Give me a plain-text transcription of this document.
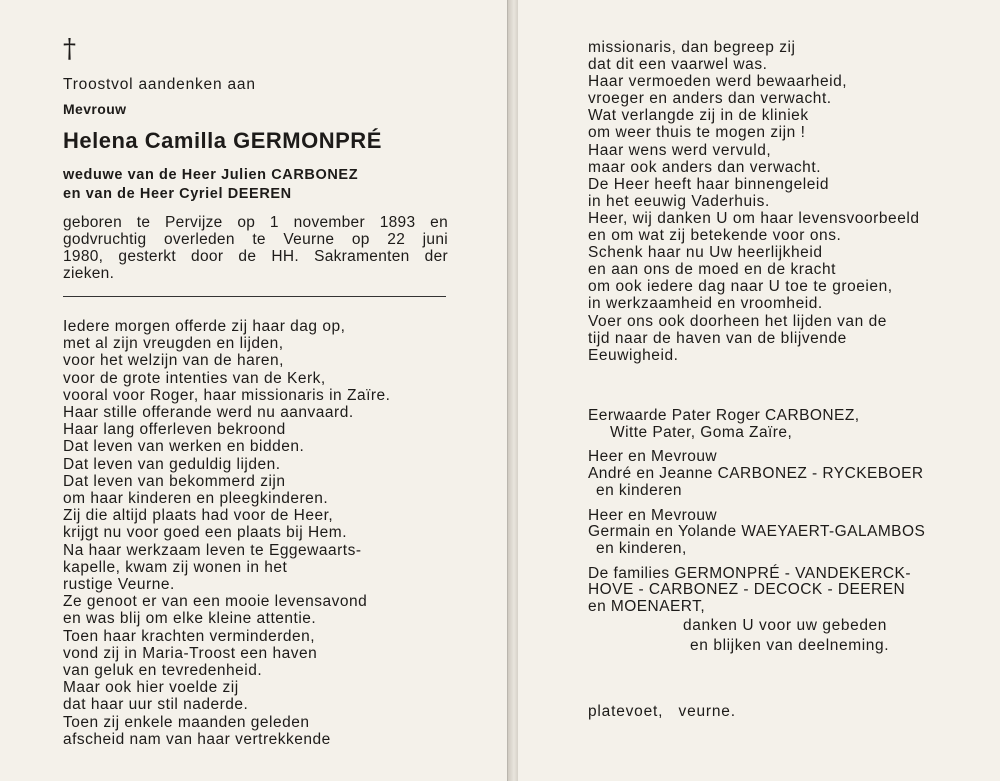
†
Troostvol aandenken aan
Mevrouw
Helena Camilla GERMONPRÉ
weduwe van de Heer Julien CARBONEZ
en van de Heer Cyriel DEEREN
geboren te Pervijze op 1 november 1893 en
godvruchtig overleden te Veurne op 22 juni
1980, gesterkt door de HH. Sakramenten der
zieken.
Iedere morgen offerde zij haar dag op,
met al zijn vreugden en lijden,
voor het welzijn van de haren,
voor de grote intenties van de Kerk,
vooral voor Roger, haar missionaris in Zaïre.
Haar stille offerande werd nu aanvaard.
Haar lang offerleven bekroond
Dat leven van werken en bidden.
Dat leven van geduldig lijden.
Dat leven van bekommerd zijn
om haar kinderen en pleegkinderen.
Zij die altijd plaats had voor de Heer,
krijgt nu voor goed een plaats bij Hem.
Na haar werkzaam leven te Eggewaarts-
kapelle, kwam zij wonen in het
rustige Veurne.
Ze genoot er van een mooie levensavond
en was blij om elke kleine attentie.
Toen haar krachten verminderden,
vond zij in Maria-Troost een haven
van geluk en tevredenheid.
Maar ook hier voelde zij
dat haar uur stil naderde.
Toen zij enkele maanden geleden
afscheid nam van haar vertrekkende
missionaris, dan begreep zij
dat dit een vaarwel was.
Haar vermoeden werd bewaarheid,
vroeger en anders dan verwacht.
Wat verlangde zij in de kliniek
om weer thuis te mogen zijn !
Haar wens werd vervuld,
maar ook anders dan verwacht.
De Heer heeft haar binnengeleid
in het eeuwig Vaderhuis.
Heer, wij danken U om haar levensvoorbeeld
en om wat zij betekende voor ons.
Schenk haar nu Uw heerlijkheid
en aan ons de moed en de kracht
om ook iedere dag naar U toe te groeien,
in werkzaamheid en vroomheid.
Voer ons ook doorheen het lijden van de
tijd naar de haven van de blijvende
Eeuwigheid.
Eerwaarde Pater Roger CARBONEZ,
Witte Pater, Goma Zaïre,
Heer en Mevrouw
André en Jeanne CARBONEZ - RYCKEBOER
en kinderen
Heer en Mevrouw
Germain en Yolande WAEYAERT-GALAMBOS
en kinderen,
De families GERMONPRÉ - VANDEKERCK-
HOVE - CARBONEZ - DECOCK - DEEREN
en MOENAERT,
danken U voor uw gebeden
en blijken van deelneming.
platevoet,   veurne.
